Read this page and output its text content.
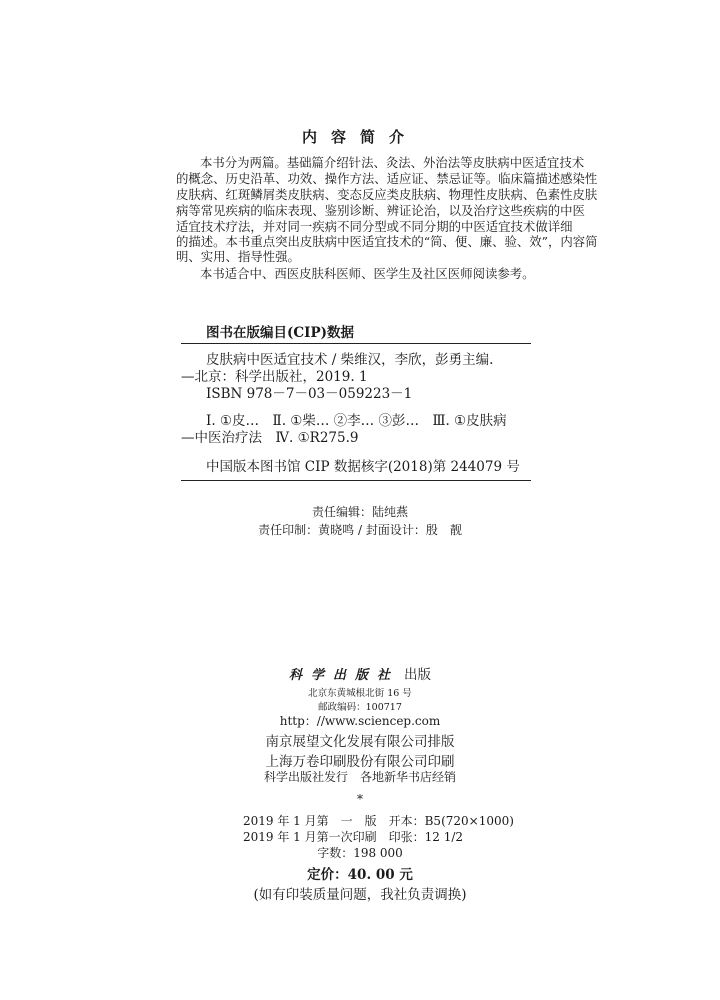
内容简介
本书分为两篇。基础篇介绍针法、灸法、外治法等皮肤病中医适宜技术
的概念、历史沿革、功效、操作方法、适应证、禁忌证等。临床篇描述感染性
皮肤病、红斑鳞屑类皮肤病、变态反应类皮肤病、物理性皮肤病、色素性皮肤
病等常见疾病的临床表现、鉴别诊断、辨证论治，以及治疗这些疾病的中医
适宜技术疗法，并对同一疾病不同分型或不同分期的中医适宜技术做详细
的描述。本书重点突出皮肤病中医适宜技术的“简、便、廉、验、效”，内容简
明、实用、指导性强。
本书适合中、西医皮肤科医师、医学生及社区医师阅读参考。
图书在版编目(CIP)数据
皮肤病中医适宜技术 / 柴维汉，李欣，彭勇主编.
—北京：科学出版社，2019. 1
ISBN 978－7－03－059223－1
Ⅰ. ①皮…　Ⅱ. ①柴… ②李… ③彭…　Ⅲ. ①皮肤病
—中医治疗法　Ⅳ. ①R275.9
中国版本图书馆 CIP 数据核字(2018)第 244079 号
责任编辑：陆纯燕
责任印制：黄晓鸣 / 封面设计：殷　靓
科学出版社 出版
北京东黄城根北街 16 号
邮政编码：100717
http：//www.sciencep.com
南京展望文化发展有限公司排版
上海万卷印刷股份有限公司印刷
科学出版社发行　各地新华书店经销
*
2019 年 1 月第　一　版　开本：B5(720×1000)
2019 年 1 月第一次印刷　印张：12 1/2
字数：198 000
定价：40. 00 元
(如有印装质量问题，我社负责调换)
